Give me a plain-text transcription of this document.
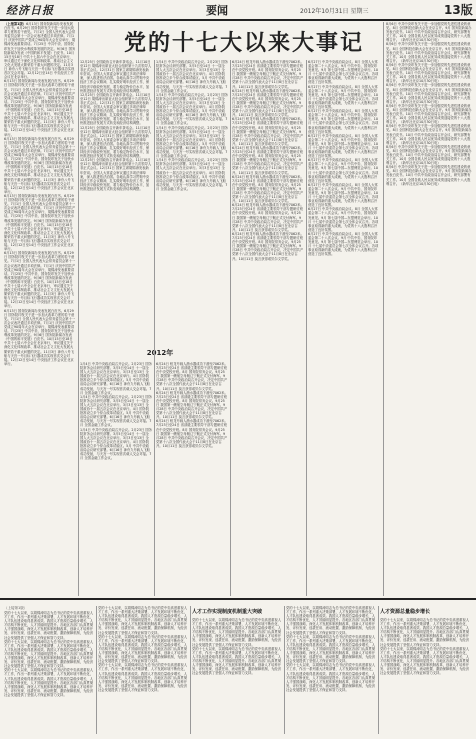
经济日报	要闻	2012年10月31日 星期三	13版
党的十七大以来大事记
（上接第1版）6月13日 国务院新闻办发表发展白皮书。6月29日 国务院印发关于进一步加大改革力度的若干意见。7月1日 全国人民代表大会常务委员会第十一次会议表决通过多项法律。7月1日 庆祝中国共产党成立90周年大会在京举行，胡锦涛发表重要讲话。7月25日 中共中央、国务院印发关于加快水利改革发展的决定。9月6日 国务院新闻办发表《中国的和平发展》白皮书。10月15日至18日 中共十七届六中全会在北京举行，审议通过关于深化文化体制改革、推动社会主义文化大发展大繁荣若干重大问题的决定。11月3日 神舟八号飞船与天宫一号目标飞行器成功实现首次交会对接。12月12日至14日 中央经济工作会议在北京举行。
6月13日 国务院新闻办发表发展白皮书。6月29日 国务院印发关于进一步加大改革力度的若干意见。7月1日 全国人民代表大会常务委员会第十一次会议表决通过多项法律。7月1日 庆祝中国共产党成立90周年大会在京举行，胡锦涛发表重要讲话。7月25日 中共中央、国务院印发关于加快水利改革发展的决定。9月6日 国务院新闻办发表《中国的和平发展》白皮书。10月15日至18日 中共十七届六中全会在北京举行，审议通过关于深化文化体制改革、推动社会主义文化大发展大繁荣若干重大问题的决定。11月3日 神舟八号飞船与天宫一号目标飞行器成功实现首次交会对接。12月12日至14日 中央经济工作会议在北京举行。
6月13日 国务院新闻办发表发展白皮书。6月29日 国务院印发关于进一步加大改革力度的若干意见。7月1日 全国人民代表大会常务委员会第十一次会议表决通过多项法律。7月1日 庆祝中国共产党成立90周年大会在京举行，胡锦涛发表重要讲话。7月25日 中共中央、国务院印发关于加快水利改革发展的决定。9月6日 国务院新闻办发表《中国的和平发展》白皮书。10月15日至18日 中共十七届六中全会在北京举行，审议通过关于深化文化体制改革、推动社会主义文化大发展大繁荣若干重大问题的决定。11月3日 神舟八号飞船与天宫一号目标飞行器成功实现首次交会对接。12月12日至14日 中央经济工作会议在北京举行。
6月13日 国务院新闻办发表发展白皮书。6月29日 国务院印发关于进一步加大改革力度的若干意见。7月1日 全国人民代表大会常务委员会第十一次会议表决通过多项法律。7月1日 庆祝中国共产党成立90周年大会在京举行，胡锦涛发表重要讲话。7月25日 中共中央、国务院印发关于加快水利改革发展的决定。9月6日 国务院新闻办发表《中国的和平发展》白皮书。10月15日至18日 中共十七届六中全会在北京举行，审议通过关于深化文化体制改革、推动社会主义文化大发展大繁荣若干重大问题的决定。11月3日 神舟八号飞船与天宫一号目标飞行器成功实现首次交会对接。12月12日至14日 中央经济工作会议在北京举行。
6月13日 国务院新闻办发表发展白皮书。6月29日 国务院印发关于进一步加大改革力度的若干意见。7月1日 全国人民代表大会常务委员会第十一次会议表决通过多项法律。7月1日 庆祝中国共产党成立90周年大会在京举行，胡锦涛发表重要讲话。7月25日 中共中央、国务院印发关于加快水利改革发展的决定。9月6日 国务院新闻办发表《中国的和平发展》白皮书。10月15日至18日 中共十七届六中全会在北京举行，审议通过关于深化文化体制改革、推动社会主义文化大发展大繁荣若干重大问题的决定。11月3日 神舟八号飞船与天宫一号目标飞行器成功实现首次交会对接。12月12日至14日 中央经济工作会议在北京举行。
6月13日 国务院新闻办发表发展白皮书。6月29日 国务院印发关于进一步加大改革力度的若干意见。7月1日 全国人民代表大会常务委员会第十一次会议表决通过多项法律。7月1日 庆祝中国共产党成立90周年大会在京举行，胡锦涛发表重要讲话。7月25日 中共中央、国务院印发关于加快水利改革发展的决定。9月6日 国务院新闻办发表《中国的和平发展》白皮书。10月15日至18日 中共十七届六中全会在北京举行，审议通过关于深化文化体制改革、推动社会主义文化大发展大繁荣若干重大问题的决定。11月3日 神舟八号飞船与天宫一号目标飞行器成功实现首次交会对接。12月12日至14日 中央经济工作会议在北京举行。
12月25日 全国政协召开新年茶话会。11月10日至12日 胡锦涛出席亚太经合组织第十九次领导人非正式会议。12月31日 国家主席胡锦涛发表新年贺词。全国人大常委会审议通过多项法律草案，深入推进依法治国。各地认真学习贯彻中央经济工作会议精神，扎实做好明年经济工作，保持经济平稳较快发展，着力稳定物价总水平，加快推进经济发展方式转变和经济结构调整。
12月25日 全国政协召开新年茶话会。11月10日至12日 胡锦涛出席亚太经合组织第十九次领导人非正式会议。12月31日 国家主席胡锦涛发表新年贺词。全国人大常委会审议通过多项法律草案，深入推进依法治国。各地认真学习贯彻中央经济工作会议精神，扎实做好明年经济工作，保持经济平稳较快发展，着力稳定物价总水平，加快推进经济发展方式转变和经济结构调整。
12月25日 全国政协召开新年茶话会。11月10日至12日 胡锦涛出席亚太经合组织第十九次领导人非正式会议。12月31日 国家主席胡锦涛发表新年贺词。全国人大常委会审议通过多项法律草案，深入推进依法治国。各地认真学习贯彻中央经济工作会议精神，扎实做好明年经济工作，保持经济平稳较快发展，着力稳定物价总水平，加快推进经济发展方式转变和经济结构调整。
12月25日 全国政协召开新年茶话会。11月10日至12日 胡锦涛出席亚太经合组织第十九次领导人非正式会议。12月31日 国家主席胡锦涛发表新年贺词。全国人大常委会审议通过多项法律草案，深入推进依法治国。各地认真学习贯彻中央经济工作会议精神，扎实做好明年经济工作，保持经济平稳较快发展，着力稳定物价总水平，加快推进经济发展方式转变和经济结构调整。
1月4日 中共中央政治局召开会议。2月23日 国务院常务会议研究部署。3月5日至14日 十一届全国人大五次会议在北京举行。3月3日至13日 全国政协十一届五次会议在北京举行。4月 国务院批准设立多个综合改革试验区。5月 中共中央政治局会议研究部署。6月16日 神舟九号载人飞船成功发射，与天宫一号实现首次载人交会对接。7月 全国金融工作会议。
1月4日 中共中央政治局召开会议。2月23日 国务院常务会议研究部署。3月5日至14日 十一届全国人大五次会议在北京举行。3月3日至13日 全国政协十一届五次会议在北京举行。4月 国务院批准设立多个综合改革试验区。5月 中共中央政治局会议研究部署。6月16日 神舟九号载人飞船成功发射，与天宫一号实现首次载人交会对接。7月 全国金融工作会议。
1月4日 中共中央政治局召开会议。2月23日 国务院常务会议研究部署。3月5日至14日 十一届全国人大五次会议在北京举行。3月3日至13日 全国政协十一届五次会议在北京举行。4月 国务院批准设立多个综合改革试验区。5月 中共中央政治局会议研究部署。6月16日 神舟九号载人飞船成功发射，与天宫一号实现首次载人交会对接。7月 全国金融工作会议。
1月4日 中共中央政治局召开会议。2月23日 国务院常务会议研究部署。3月5日至14日 十一届全国人大五次会议在北京举行。3月3日至13日 全国政协十一届五次会议在北京举行。4月 国务院批准设立多个综合改革试验区。5月 中共中央政治局会议研究部署。6月16日 神舟九号载人飞船成功发射，与天宫一号实现首次载人交会对接。7月 全国金融工作会议。
1月4日 中共中央政治局召开会议。2月23日 国务院常务会议研究部署。3月5日至14日 十一届全国人大五次会议在北京举行。3月3日至13日 全国政协十一届五次会议在北京举行。4月 国务院批准设立多个综合改革试验区。5月 中共中央政治局会议研究部署。6月16日 神舟九号载人飞船成功发射，与天宫一号实现首次载人交会对接。7月 全国金融工作会议。
1月4日 中共中央政治局召开会议。2月23日 国务院常务会议研究部署。3月5日至14日 十一届全国人大五次会议在北京举行。3月3日至13日 全国政协十一届五次会议在北京举行。4月 国务院批准设立多个综合改革试验区。5月 中共中央政治局会议研究部署。6月16日 神舟九号载人飞船成功发射，与天宫一号实现首次载人交会对接。7月 全国金融工作会议。
1月4日 中共中央政治局召开会议。2月23日 国务院常务会议研究部署。3月5日至14日 十一届全国人大五次会议在北京举行。3月3日至13日 全国政协十一届五次会议在北京举行。4月 国务院批准设立多个综合改革试验区。5月 中共中央政治局会议研究部署。6月16日 神舟九号载人飞船成功发射，与天宫一号实现首次载人交会对接。7月 全国金融工作会议。
6月24日 蛟龙号载人潜水器成功下潜至7062米。7月23日至24日 省部级主要领导干部专题研讨班在中央党校开班。8月 国务院常务会议。9月25日 我国第一艘航空母舰辽宁舰正式交付海军。9月28日 中共中央政治局召开会议，决定中国共产党第十八次全国代表大会于11月8日在北京召开。10月11日 莫言获得诺贝尔文学奖。
6月24日 蛟龙号载人潜水器成功下潜至7062米。7月23日至24日 省部级主要领导干部专题研讨班在中央党校开班。8月 国务院常务会议。9月25日 我国第一艘航空母舰辽宁舰正式交付海军。9月28日 中共中央政治局召开会议，决定中国共产党第十八次全国代表大会于11月8日在北京召开。10月11日 莫言获得诺贝尔文学奖。
6月24日 蛟龙号载人潜水器成功下潜至7062米。7月23日至24日 省部级主要领导干部专题研讨班在中央党校开班。8月 国务院常务会议。9月25日 我国第一艘航空母舰辽宁舰正式交付海军。9月28日 中共中央政治局召开会议，决定中国共产党第十八次全国代表大会于11月8日在北京召开。10月11日 莫言获得诺贝尔文学奖。
6月24日 蛟龙号载人潜水器成功下潜至7062米。7月23日至24日 省部级主要领导干部专题研讨班在中央党校开班。8月 国务院常务会议。9月25日 我国第一艘航空母舰辽宁舰正式交付海军。9月28日 中共中央政治局召开会议，决定中国共产党第十八次全国代表大会于11月8日在北京召开。10月11日 莫言获得诺贝尔文学奖。
6月24日 蛟龙号载人潜水器成功下潜至7062米。7月23日至24日 省部级主要领导干部专题研讨班在中央党校开班。8月 国务院常务会议。9月25日 我国第一艘航空母舰辽宁舰正式交付海军。9月28日 中共中央政治局召开会议，决定中国共产党第十八次全国代表大会于11月8日在北京召开。10月11日 莫言获得诺贝尔文学奖。
6月24日 蛟龙号载人潜水器成功下潜至7062米。7月23日至24日 省部级主要领导干部专题研讨班在中央党校开班。8月 国务院常务会议。9月25日 我国第一艘航空母舰辽宁舰正式交付海军。9月28日 中共中央政治局召开会议，决定中国共产党第十八次全国代表大会于11月8日在北京召开。10月11日 莫言获得诺贝尔文学奖。
6月24日 蛟龙号载人潜水器成功下潜至7062米。7月23日至24日 省部级主要领导干部专题研讨班在中央党校开班。8月 国务院常务会议。9月25日 我国第一艘航空母舰辽宁舰正式交付海军。9月28日 中共中央政治局召开会议，决定中国共产党第十八次全国代表大会于11月8日在北京召开。10月11日 莫言获得诺贝尔文学奖。
6月24日 蛟龙号载人潜水器成功下潜至7062米。7月23日至24日 省部级主要领导干部专题研讨班在中央党校开班。8月 国务院常务会议。9月25日 我国第一艘航空母舰辽宁舰正式交付海军。9月28日 中共中央政治局召开会议，决定中国共产党第十八次全国代表大会于11月8日在北京召开。10月11日 莫言获得诺贝尔文学奖。
6月24日 蛟龙号载人潜水器成功下潜至7062米。7月23日至24日 省部级主要领导干部专题研讨班在中央党校开班。8月 国务院常务会议。9月25日 我国第一艘航空母舰辽宁舰正式交付海军。9月28日 中共中央政治局召开会议，决定中国共产党第十八次全国代表大会于11月8日在北京召开。10月11日 莫言获得诺贝尔文学奖。
6月24日 蛟龙号载人潜水器成功下潜至7062米。7月23日至24日 省部级主要领导干部专题研讨班在中央党校开班。8月 国务院常务会议。9月25日 我国第一艘航空母舰辽宁舰正式交付海军。9月28日 中共中央政治局召开会议，决定中国共产党第十八次全国代表大会于11月8日在北京召开。10月11日 莫言获得诺贝尔文学奖。
6月27日 中共中央政治局会议。8月 全国人大常委会第二十八次会议。9月 中共中央、国务院印发意见。9月 第七届中国—东盟博览会举行。10月 十七届中央委员会第七次全体会议召开。各项事业取得新的重大成就，为党的十八大胜利召开营造了良好氛围。
6月27日 中共中央政治局会议。8月 全国人大常委会第二十八次会议。9月 中共中央、国务院印发意见。9月 第七届中国—东盟博览会举行。10月 十七届中央委员会第七次全体会议召开。各项事业取得新的重大成就，为党的十八大胜利召开营造了良好氛围。
6月27日 中共中央政治局会议。8月 全国人大常委会第二十八次会议。9月 中共中央、国务院印发意见。9月 第七届中国—东盟博览会举行。10月 十七届中央委员会第七次全体会议召开。各项事业取得新的重大成就，为党的十八大胜利召开营造了良好氛围。
6月27日 中共中央政治局会议。8月 全国人大常委会第二十八次会议。9月 中共中央、国务院印发意见。9月 第七届中国—东盟博览会举行。10月 十七届中央委员会第七次全体会议召开。各项事业取得新的重大成就，为党的十八大胜利召开营造了良好氛围。
6月27日 中共中央政治局会议。8月 全国人大常委会第二十八次会议。9月 中共中央、国务院印发意见。9月 第七届中国—东盟博览会举行。10月 十七届中央委员会第七次全体会议召开。各项事业取得新的重大成就，为党的十八大胜利召开营造了良好氛围。
6月27日 中共中央政治局会议。8月 全国人大常委会第二十八次会议。9月 中共中央、国务院印发意见。9月 第七届中国—东盟博览会举行。10月 十七届中央委员会第七次全体会议召开。各项事业取得新的重大成就，为党的十八大胜利召开营造了良好氛围。
6月27日 中共中央政治局会议。8月 全国人大常委会第二十八次会议。9月 中共中央、国务院印发意见。9月 第七届中国—东盟博览会举行。10月 十七届中央委员会第七次全体会议召开。各项事业取得新的重大成就，为党的十八大胜利召开营造了良好氛围。
6月27日 中共中央政治局会议。8月 全国人大常委会第二十八次会议。9月 中共中央、国务院印发意见。9月 第七届中国—东盟博览会举行。10月 十七届中央委员会第七次全体会议召开。各项事业取得新的重大成就，为党的十八大胜利召开营造了良好氛围。
8月6日 中共中央印发关于进一步加强党的先进性建设的意见。8月 全国科技创新大会在北京召开。9月 国务院新闻办发表白皮书。10月 中共中央政治局召开会议，研究部署有关工作。10月 全国各族人民以优异成绩迎接党的十八大胜利召开。（新华社北京10月30日电）
8月6日 中共中央印发关于进一步加强党的先进性建设的意见。8月 全国科技创新大会在北京召开。9月 国务院新闻办发表白皮书。10月 中共中央政治局召开会议，研究部署有关工作。10月 全国各族人民以优异成绩迎接党的十八大胜利召开。（新华社北京10月30日电）
8月6日 中共中央印发关于进一步加强党的先进性建设的意见。8月 全国科技创新大会在北京召开。9月 国务院新闻办发表白皮书。10月 中共中央政治局召开会议，研究部署有关工作。10月 全国各族人民以优异成绩迎接党的十八大胜利召开。（新华社北京10月30日电）
8月6日 中共中央印发关于进一步加强党的先进性建设的意见。8月 全国科技创新大会在北京召开。9月 国务院新闻办发表白皮书。10月 中共中央政治局召开会议，研究部署有关工作。10月 全国各族人民以优异成绩迎接党的十八大胜利召开。（新华社北京10月30日电）
8月6日 中共中央印发关于进一步加强党的先进性建设的意见。8月 全国科技创新大会在北京召开。9月 国务院新闻办发表白皮书。10月 中共中央政治局召开会议，研究部署有关工作。10月 全国各族人民以优异成绩迎接党的十八大胜利召开。（新华社北京10月30日电）
8月6日 中共中央印发关于进一步加强党的先进性建设的意见。8月 全国科技创新大会在北京召开。9月 国务院新闻办发表白皮书。10月 中共中央政治局召开会议，研究部署有关工作。10月 全国各族人民以优异成绩迎接党的十八大胜利召开。（新华社北京10月30日电）
8月6日 中共中央印发关于进一步加强党的先进性建设的意见。8月 全国科技创新大会在北京召开。9月 国务院新闻办发表白皮书。10月 中共中央政治局召开会议，研究部署有关工作。10月 全国各族人民以优异成绩迎接党的十八大胜利召开。（新华社北京10月30日电）
8月6日 中共中央印发关于进一步加强党的先进性建设的意见。8月 全国科技创新大会在北京召开。9月 国务院新闻办发表白皮书。10月 中共中央政治局召开会议，研究部署有关工作。10月 全国各族人民以优异成绩迎接党的十八大胜利召开。（新华社北京10月30日电）
2012年
（上接第1版）
党的十七大以来，以胡锦涛同志为总书记的党中央高度重视人才工作，作出一系列重大决策部署，人才发展环境不断优化，人才队伍建设取得显著成效。我国人才资源总量稳步增长，人才结构不断优化，人才效能明显提升。各地区各部门认真贯彻人才强国战略，深化人才发展体制机制改革，创新人才培养开发、评价发现、选拔任用、流动配置、激励保障机制，为经济社会发展提供了坚强人才保证和智力支持。
党的十七大以来，以胡锦涛同志为总书记的党中央高度重视人才工作，作出一系列重大决策部署，人才发展环境不断优化，人才队伍建设取得显著成效。我国人才资源总量稳步增长，人才结构不断优化，人才效能明显提升。各地区各部门认真贯彻人才强国战略，深化人才发展体制机制改革，创新人才培养开发、评价发现、选拔任用、流动配置、激励保障机制，为经济社会发展提供了坚强人才保证和智力支持。
党的十七大以来，以胡锦涛同志为总书记的党中央高度重视人才工作，作出一系列重大决策部署，人才发展环境不断优化，人才队伍建设取得显著成效。我国人才资源总量稳步增长，人才结构不断优化，人才效能明显提升。各地区各部门认真贯彻人才强国战略，深化人才发展体制机制改革，创新人才培养开发、评价发现、选拔任用、流动配置、激励保障机制，为经济社会发展提供了坚强人才保证和智力支持。
党的十七大以来，以胡锦涛同志为总书记的党中央高度重视人才工作，作出一系列重大决策部署，人才发展环境不断优化，人才队伍建设取得显著成效。我国人才资源总量稳步增长，人才结构不断优化，人才效能明显提升。各地区各部门认真贯彻人才强国战略，深化人才发展体制机制改革，创新人才培养开发、评价发现、选拔任用、流动配置、激励保障机制，为经济社会发展提供了坚强人才保证和智力支持。
党的十七大以来，以胡锦涛同志为总书记的党中央高度重视人才工作，作出一系列重大决策部署，人才发展环境不断优化，人才队伍建设取得显著成效。我国人才资源总量稳步增长，人才结构不断优化，人才效能明显提升。各地区各部门认真贯彻人才强国战略，深化人才发展体制机制改革，创新人才培养开发、评价发现、选拔任用、流动配置、激励保障机制，为经济社会发展提供了坚强人才保证和智力支持。
党的十七大以来，以胡锦涛同志为总书记的党中央高度重视人才工作，作出一系列重大决策部署，人才发展环境不断优化，人才队伍建设取得显著成效。我国人才资源总量稳步增长，人才结构不断优化，人才效能明显提升。各地区各部门认真贯彻人才强国战略，深化人才发展体制机制改革，创新人才培养开发、评价发现、选拔任用、流动配置、激励保障机制，为经济社会发展提供了坚强人才保证和智力支持。
人才工作实现制度机制重大突破
党的十七大以来，以胡锦涛同志为总书记的党中央高度重视人才工作，作出一系列重大决策部署，人才发展环境不断优化，人才队伍建设取得显著成效。我国人才资源总量稳步增长，人才结构不断优化，人才效能明显提升。各地区各部门认真贯彻人才强国战略，深化人才发展体制机制改革，创新人才培养开发、评价发现、选拔任用、流动配置、激励保障机制，为经济社会发展提供了坚强人才保证和智力支持。
党的十七大以来，以胡锦涛同志为总书记的党中央高度重视人才工作，作出一系列重大决策部署，人才发展环境不断优化，人才队伍建设取得显著成效。我国人才资源总量稳步增长，人才结构不断优化，人才效能明显提升。各地区各部门认真贯彻人才强国战略，深化人才发展体制机制改革，创新人才培养开发、评价发现、选拔任用、流动配置、激励保障机制，为经济社会发展提供了坚强人才保证和智力支持。
党的十七大以来，以胡锦涛同志为总书记的党中央高度重视人才工作，作出一系列重大决策部署，人才发展环境不断优化，人才队伍建设取得显著成效。我国人才资源总量稳步增长，人才结构不断优化，人才效能明显提升。各地区各部门认真贯彻人才强国战略，深化人才发展体制机制改革，创新人才培养开发、评价发现、选拔任用、流动配置、激励保障机制，为经济社会发展提供了坚强人才保证和智力支持。
党的十七大以来，以胡锦涛同志为总书记的党中央高度重视人才工作，作出一系列重大决策部署，人才发展环境不断优化，人才队伍建设取得显著成效。我国人才资源总量稳步增长，人才结构不断优化，人才效能明显提升。各地区各部门认真贯彻人才强国战略，深化人才发展体制机制改革，创新人才培养开发、评价发现、选拔任用、流动配置、激励保障机制，为经济社会发展提供了坚强人才保证和智力支持。
党的十七大以来，以胡锦涛同志为总书记的党中央高度重视人才工作，作出一系列重大决策部署，人才发展环境不断优化，人才队伍建设取得显著成效。我国人才资源总量稳步增长，人才结构不断优化，人才效能明显提升。各地区各部门认真贯彻人才强国战略，深化人才发展体制机制改革，创新人才培养开发、评价发现、选拔任用、流动配置、激励保障机制，为经济社会发展提供了坚强人才保证和智力支持。
人才资源总量稳步增长
党的十七大以来，以胡锦涛同志为总书记的党中央高度重视人才工作，作出一系列重大决策部署，人才发展环境不断优化，人才队伍建设取得显著成效。我国人才资源总量稳步增长，人才结构不断优化，人才效能明显提升。各地区各部门认真贯彻人才强国战略，深化人才发展体制机制改革，创新人才培养开发、评价发现、选拔任用、流动配置、激励保障机制，为经济社会发展提供了坚强人才保证和智力支持。
党的十七大以来，以胡锦涛同志为总书记的党中央高度重视人才工作，作出一系列重大决策部署，人才发展环境不断优化，人才队伍建设取得显著成效。我国人才资源总量稳步增长，人才结构不断优化，人才效能明显提升。各地区各部门认真贯彻人才强国战略，深化人才发展体制机制改革，创新人才培养开发、评价发现、选拔任用、流动配置、激励保障机制，为经济社会发展提供了坚强人才保证和智力支持。
